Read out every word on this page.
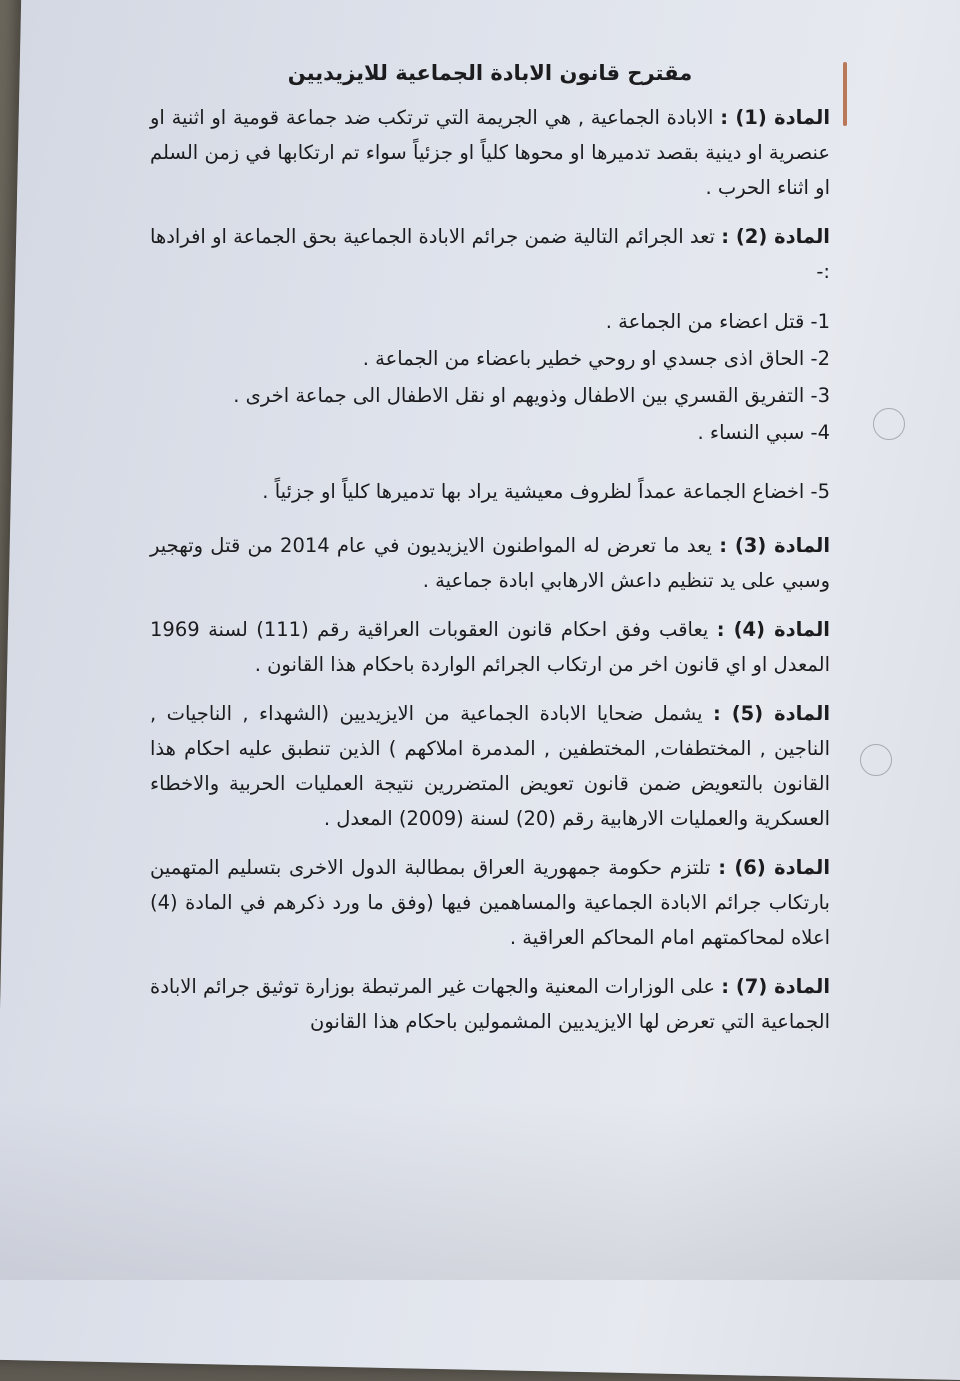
مقترح قانون الابادة الجماعية للايزيديين

المادة (1) : الابادة الجماعية , هي الجريمة التي ترتكب ضد جماعة قومية او اثنية او عنصرية او دينية بقصد تدميرها او محوها كلياً او جزئياً سواء تم ارتكابها في زمن السلم او اثناء الحرب .

المادة (2) : تعد الجرائم التالية ضمن جرائم الابادة الجماعية بحق الجماعة او افرادها :-

1- قتل اعضاء من الجماعة .
2- الحاق اذى جسدي او روحي خطير باعضاء من الجماعة .
3- التفريق القسري بين الاطفال وذويهم او نقل الاطفال الى جماعة اخرى .
4- سبي النساء .
5- اخضاع الجماعة عمداً لظروف معيشية يراد بها تدميرها كلياً او جزئياً .

المادة (3) : يعد ما تعرض له المواطنون الايزيديون في عام 2014 من قتل وتهجير وسبي على يد تنظيم داعش الارهابي ابادة جماعية .

المادة (4) : يعاقب وفق احكام قانون العقوبات العراقية رقم (111) لسنة 1969 المعدل او اي قانون اخر من ارتكاب الجرائم الواردة باحكام هذا القانون .

المادة (5) : يشمل ضحايا الابادة الجماعية من الايزيديين (الشهداء , الناجيات , الناجين , المختطفات, المختطفين , المدمرة املاكهم ) الذين تنطبق عليه احكام هذا القانون بالتعويض ضمن قانون تعويض المتضررين نتيجة العمليات الحربية والاخطاء العسكرية والعمليات الارهابية رقم (20) لسنة (2009) المعدل .

المادة (6) : تلتزم حكومة جمهورية العراق بمطالبة الدول الاخرى بتسليم المتهمين بارتكاب جرائم الابادة الجماعية والمساهمين فيها (وفق ما ورد ذكرهم في المادة (4) اعلاه لمحاكمتهم امام المحاكم العراقية .

المادة (7) : على الوزارات المعنية والجهات غير المرتبطة بوزارة توثيق جرائم الابادة الجماعية التي تعرض لها الايزيديين المشمولين باحكام هذا القانون
